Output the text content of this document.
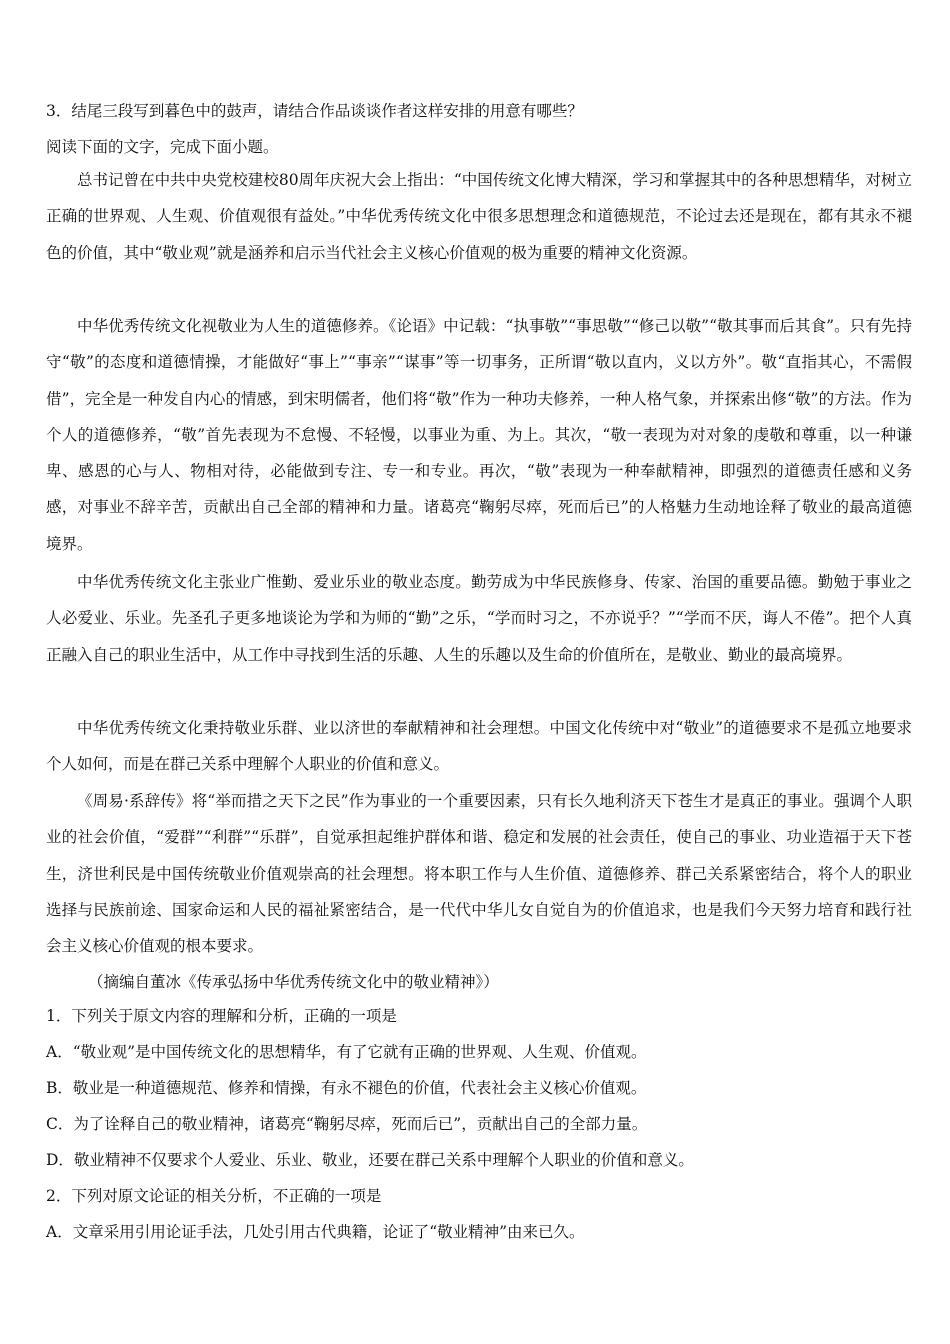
3．结尾三段写到暮色中的鼓声，请结合作品谈谈作者这样安排的用意有哪些？
阅读下面的文字，完成下面小题。
总书记曾在中共中央党校建校80周年庆祝大会上指出：“中国传统文化博大精深，学习和掌握其中的各种思想精华，对树立正确的世界观、人生观、价值观很有益处。”中华优秀传统文化中很多思想理念和道德规范，不论过去还是现在，都有其永不褪色的价值，其中“敬业观”就是涵养和启示当代社会主义核心价值观的极为重要的精神文化资源。
中华优秀传统文化视敬业为人生的道德修养。《论语》中记载：“执事敬”“事思敬”“修己以敬”“敬其事而后其食”。只有先持守“敬”的态度和道德情操，才能做好“事上”“事亲”“谋事”等一切事务，正所谓“敬以直内，义以方外”。敬“直指其心，不需假借”，完全是一种发自内心的情感，到宋明儒者，他们将“敬”作为一种功夫修养，一种人格气象，并探索出修“敬”的方法。作为个人的道德修养，“敬”首先表现为不怠慢、不轻慢，以事业为重、为上。其次，“敬一表现为对对象的虔敬和尊重，以一种谦卑、感恩的心与人、物相对待，必能做到专注、专一和专业。再次，“敬”表现为一种奉献精神，即强烈的道德责任感和义务感，对事业不辞辛苦，贡献出自己全部的精神和力量。诸葛亮“鞠躬尽瘁，死而后已”的人格魅力生动地诠释了敬业的最高道德境界。
中华优秀传统文化主张业广惟勤、爱业乐业的敬业态度。勤劳成为中华民族修身、传家、治国的重要品德。勤勉于事业之人必爱业、乐业。先圣孔子更多地谈论为学和为师的“勤”之乐，“学而时习之，不亦说乎？”“学而不厌，诲人不倦”。把个人真正融入自己的职业生活中，从工作中寻找到生活的乐趣、人生的乐趣以及生命的价值所在，是敬业、勤业的最高境界。
中华优秀传统文化秉持敬业乐群、业以济世的奉献精神和社会理想。中国文化传统中对“敬业”的道德要求不是孤立地要求个人如何，而是在群己关系中理解个人职业的价值和意义。
《周易·系辞传》将“举而措之天下之民”作为事业的一个重要因素，只有长久地利济天下苍生才是真正的事业。强调个人职业的社会价值，“爱群”“利群”“乐群”，自觉承担起维护群体和谐、稳定和发展的社会责任，使自己的事业、功业造福于天下苍生，济世利民是中国传统敬业价值观崇高的社会理想。将本职工作与人生价值、道德修养、群己关系紧密结合，将个人的职业选择与民族前途、国家命运和人民的福祉紧密结合，是一代代中华儿女自觉自为的价值追求，也是我们今天努力培育和践行社会主义核心价值观的根本要求。
（摘编自董冰《传承弘扬中华优秀传统文化中的敬业精神》）
1．下列关于原文内容的理解和分析，正确的一项是
A．“敬业观”是中国传统文化的思想精华，有了它就有正确的世界观、人生观、价值观。
B．敬业是一种道德规范、修养和情操，有永不褪色的价值，代表社会主义核心价值观。
C．为了诠释自己的敬业精神，诸葛亮“鞠躬尽瘁，死而后已”，贡献出自己的全部力量。
D．敬业精神不仅要求个人爱业、乐业、敬业，还要在群己关系中理解个人职业的价值和意义。
2．下列对原文论证的相关分析，不正确的一项是
A．文章采用引用论证手法，几处引用古代典籍，论证了“敬业精神”由来已久。
